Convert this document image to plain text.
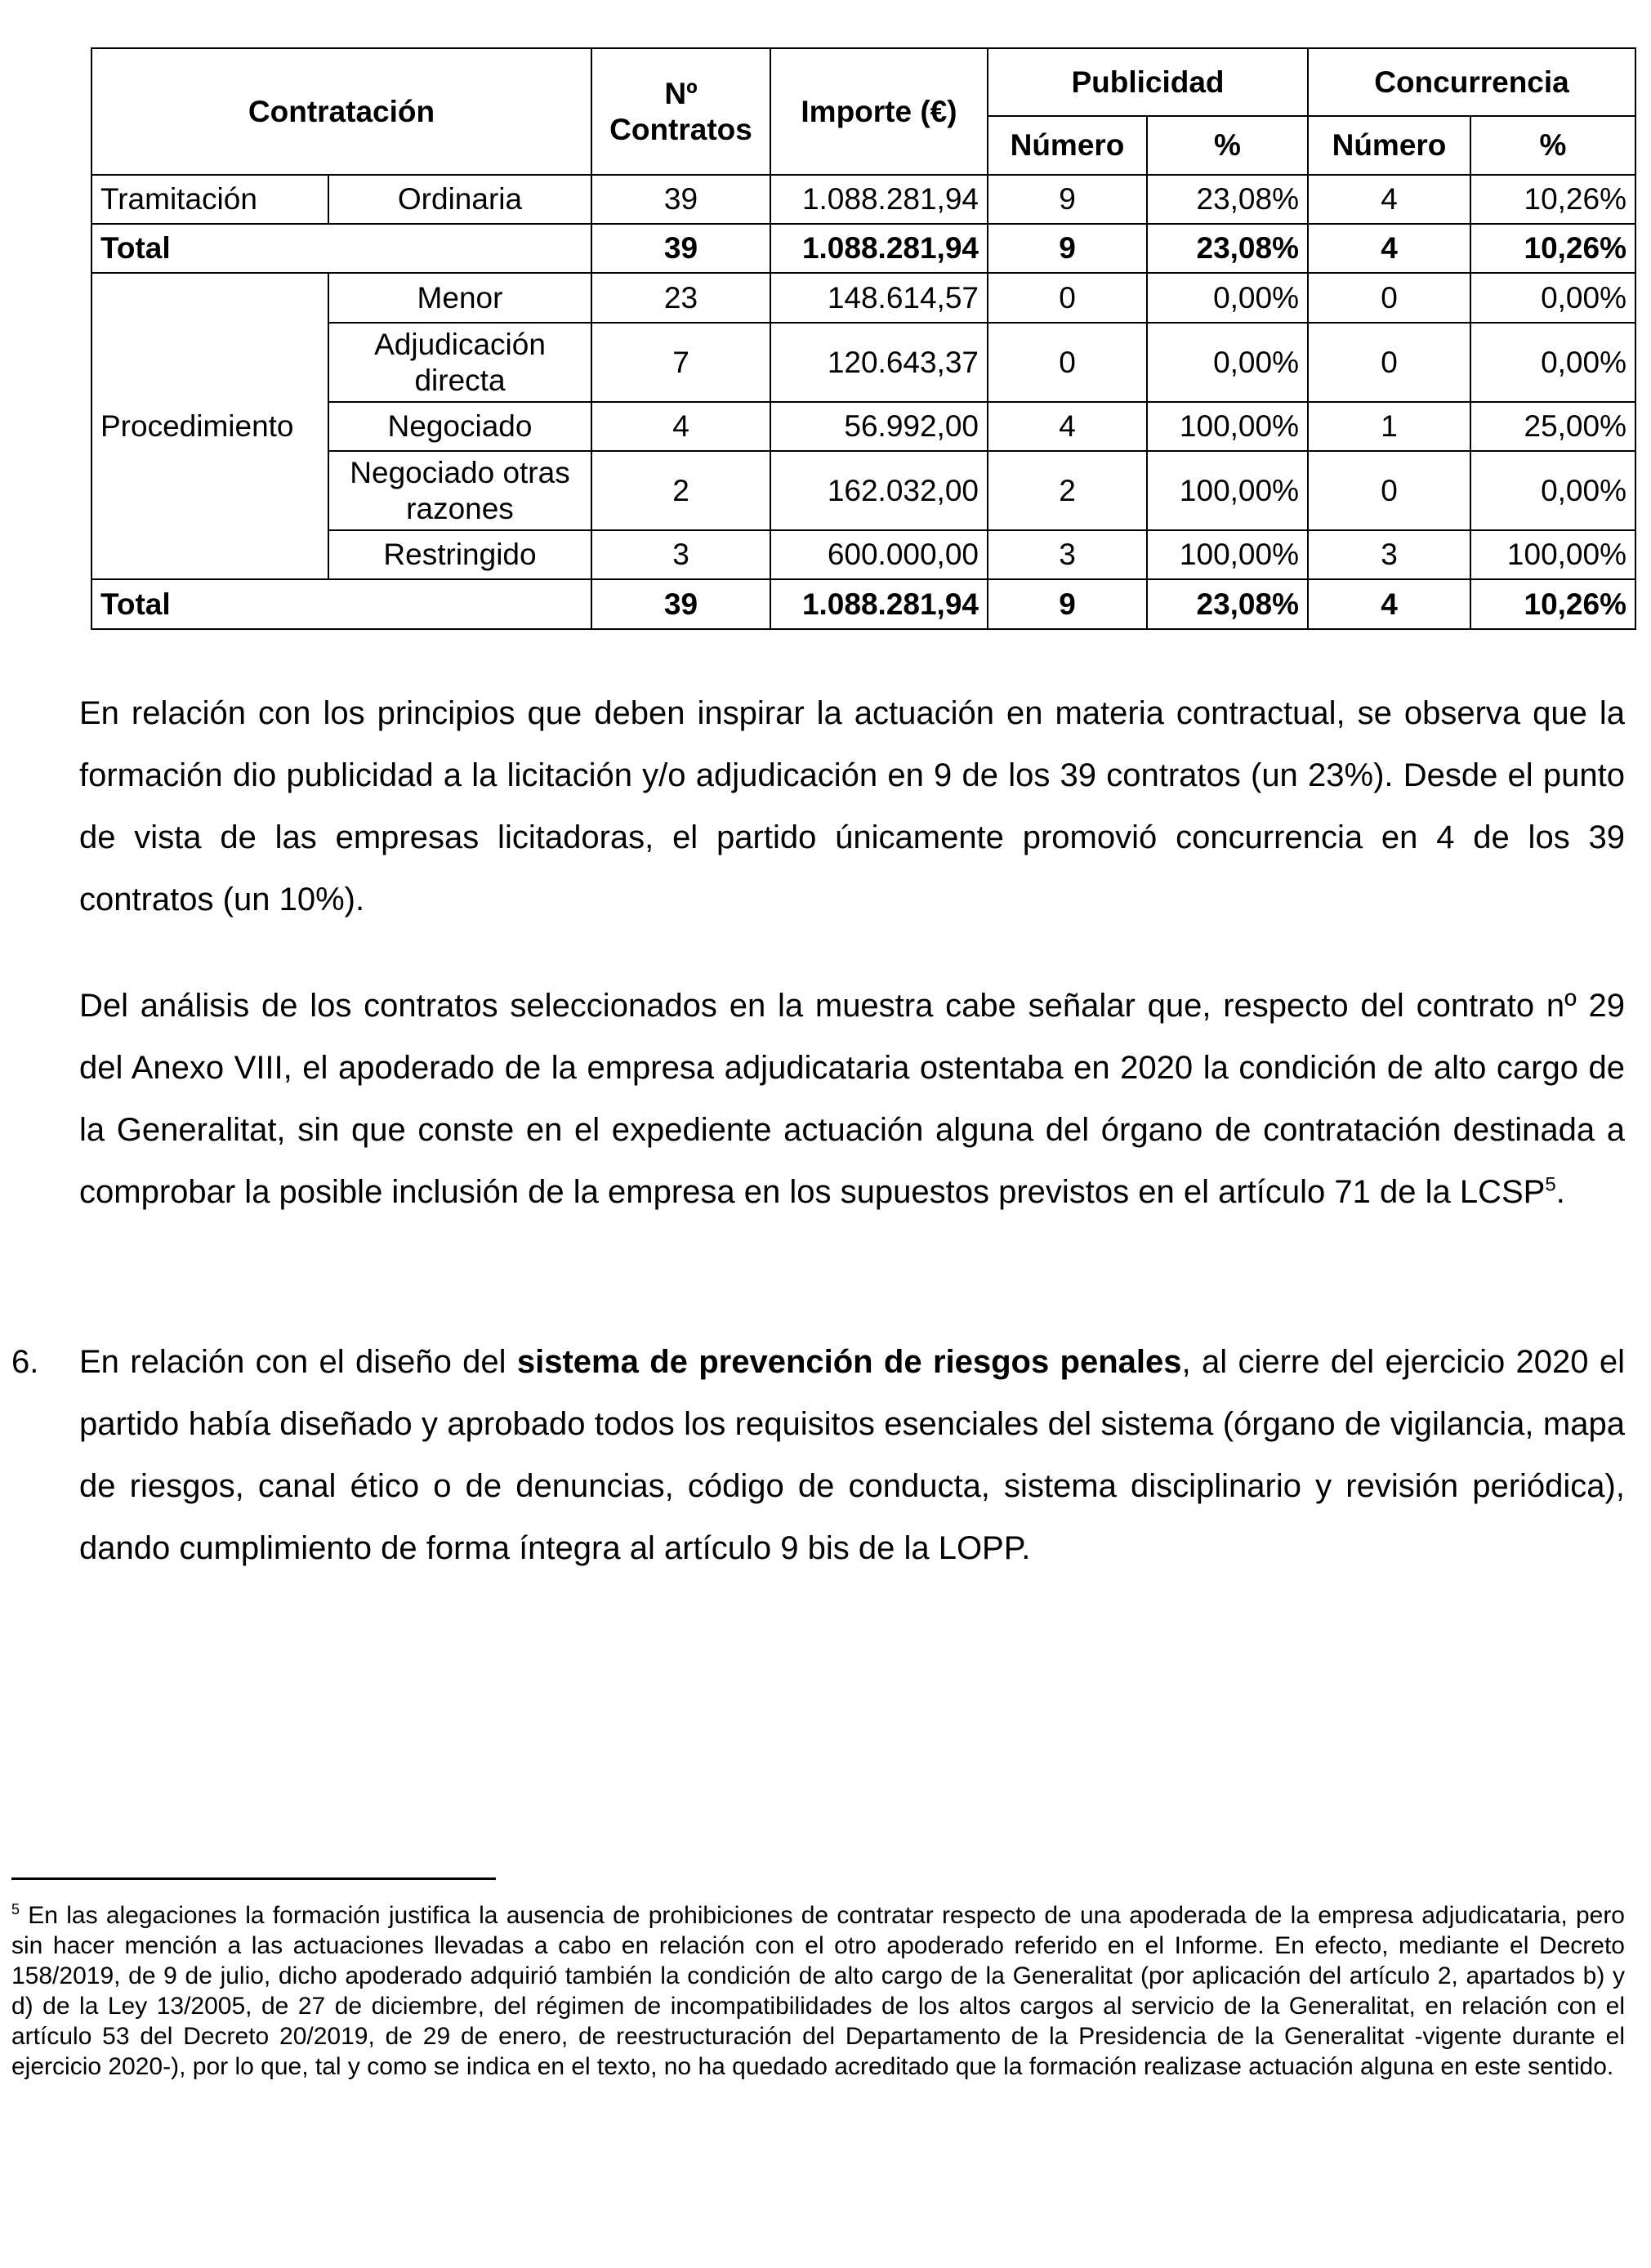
Contratación		Nº Contratos	Importe (€)	Publicidad		Concurrencia	
				Número	%	Número	%
Tramitación	Ordinaria	39	1.088.281,94	9	23,08%	4	10,26%
Total		39	1.088.281,94	9	23,08%	4	10,26%
Procedimiento	Menor	23	148.614,57	0	0,00%	0	0,00%
	Adjudicación directa	7	120.643,37	0	0,00%	0	0,00%
	Negociado	4	56.992,00	4	100,00%	1	25,00%
	Negociado otras razones	2	162.032,00	2	100,00%	0	0,00%
	Restringido	3	600.000,00	3	100,00%	3	100,00%
Total		39	1.088.281,94	9	23,08%	4	10,26%

En relación con los principios que deben inspirar la actuación en materia contractual, se observa que la formación dio publicidad a la licitación y/o adjudicación en 9 de los 39 contratos (un 23%). Desde el punto de vista de las empresas licitadoras, el partido únicamente promovió concurrencia en 4 de los 39 contratos (un 10%).

Del análisis de los contratos seleccionados en la muestra cabe señalar que, respecto del contrato nº 29 del Anexo VIII, el apoderado de la empresa adjudicataria ostentaba en 2020 la condición de alto cargo de la Generalitat, sin que conste en el expediente actuación alguna del órgano de contratación destinada a comprobar la posible inclusión de la empresa en los supuestos previstos en el artículo 71 de la LCSP$^5$.

6. En relación con el diseño del sistema de prevención de riesgos penales, al cierre del ejercicio 2020 el partido había diseñado y aprobado todos los requisitos esenciales del sistema (órgano de vigilancia, mapa de riesgos, canal ético o de denuncias, código de conducta, sistema disciplinario y revisión periódica), dando cumplimiento de forma íntegra al artículo 9 bis de la LOPP.

$^5$ En las alegaciones la formación justifica la ausencia de prohibiciones de contratar respecto de una apoderada de la empresa adjudicataria, pero sin hacer mención a las actuaciones llevadas a cabo en relación con el otro apoderado referido en el Informe. En efecto, mediante el Decreto 158/2019, de 9 de julio, dicho apoderado adquirió también la condición de alto cargo de la Generalitat (por aplicación del artículo 2, apartados b) y d) de la Ley 13/2005, de 27 de diciembre, del régimen de incompatibilidades de los altos cargos al servicio de la Generalitat, en relación con el artículo 53 del Decreto 20/2019, de 29 de enero, de reestructuración del Departamento de la Presidencia de la Generalitat -vigente durante el ejercicio 2020-), por lo que, tal y como se indica en el texto, no ha quedado acreditado que la formación realizase actuación alguna en este sentido.
